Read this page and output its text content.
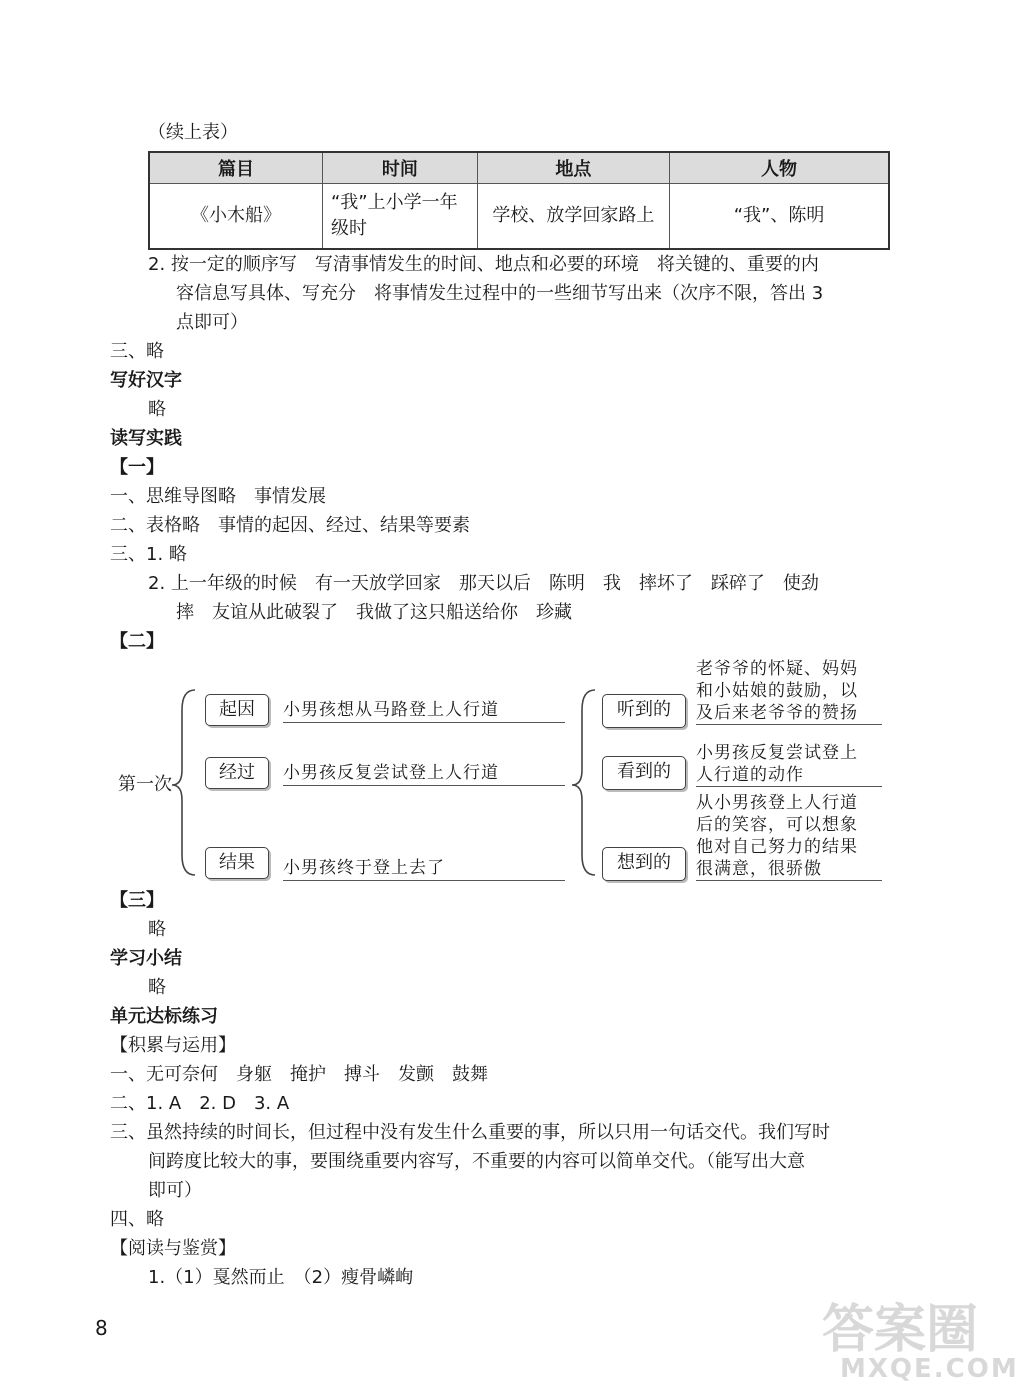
（续上表）
篇目	时间	地点	人物
《小木船》	“我”上小学一年级时	学校、放学回家路上	“我”、陈明
2. 按一定的顺序写　写清事情发生的时间、地点和必要的环境　将关键的、重要的内
容信息写具体、写充分　将事情发生过程中的一些细节写出来（次序不限，答出 3
点即可）
三、略
写好汉字
略
读写实践
【一】
一、思维导图略　事情发展
二、表格略　事情的起因、经过、结果等要素
三、1. 略
2. 上一年级的时候　有一天放学回家　那天以后　陈明　我　摔坏了　踩碎了　使劲
摔　友谊从此破裂了　我做了这只船送给你　珍藏
【二】
第一次
起因	小男孩想从马路登上人行道
经过	小男孩反复尝试登上人行道
结果	小男孩终于登上去了
听到的
老爷爷的怀疑、妈妈
和小姑娘的鼓励，以
及后来老爷爷的赞扬
看到的
小男孩反复尝试登上
人行道的动作
想到的
从小男孩登上人行道
后的笑容，可以想象
他对自己努力的结果
很满意，很骄傲
【三】
略
学习小结
略
单元达标练习
【积累与运用】
一、无可奈何　身躯　掩护　搏斗　发颤　鼓舞
二、1. A　2. D　3. A
三、虽然持续的时间长，但过程中没有发生什么重要的事，所以只用一句话交代。我们写时
间跨度比较大的事，要围绕重要内容写，不重要的内容可以简单交代。（能写出大意
即可）
四、略
【阅读与鉴赏】
1.（1）戛然而止　（2）瘦骨嶙峋
8	答案圈
MXQE.COM
